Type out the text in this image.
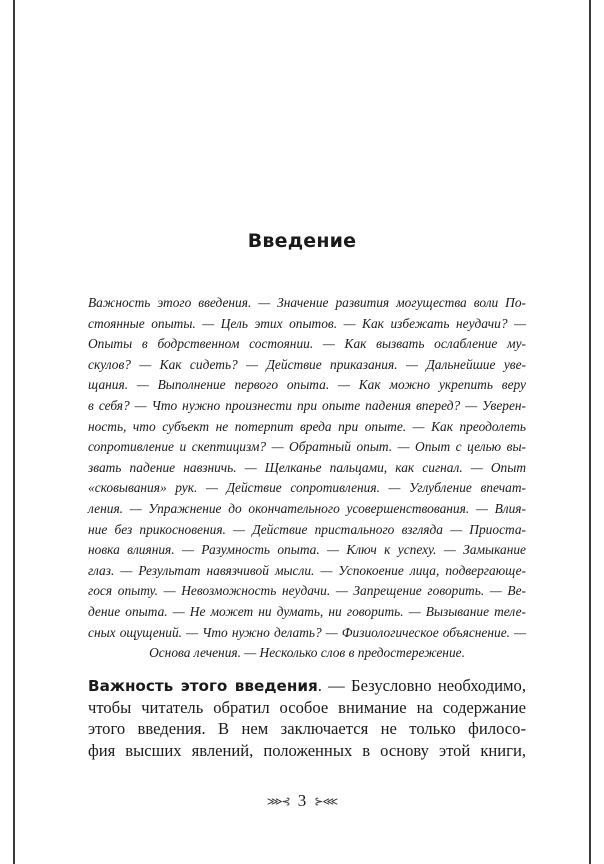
Введение
Важность этого введения. — Значение развития могущества воли По-
стоянные опыты. — Цель этих опытов. — Как избежать неудачи? —
Опыты в бодрственном состоянии. — Как вызвать ослабление му-
скулов? — Как сидеть? — Действие приказания. — Дальнейшие уве-
щания. — Выполнение первого опыта. — Как можно укрепить веру
в себя? — Что нужно произнести при опыте падения вперед? — Уверен-
ность, что субъект не потерпит вреда при опыте. — Как преодолеть
сопротивление и скептицизм? — Обратный опыт. — Опыт с целью вы-
звать падение навзничь. — Щелканье пальцами, как сигнал. — Опыт
«сковывания» рук. — Действие сопротивления. — Углубление впечат-
ления. — Упражнение до окончательного усовершенствования. — Влия-
ние без прикосновения. — Действие пристального взгляда — Приоста-
новка влияния. — Разумность опыта. — Ключ к успеху. — Замыкание
глаз. — Результат навязчивой мысли. — Успокоение лица, подвергающе-
гося опыту. — Невозможность неудачи. — Запрещение говорить. — Ве-
дение опыта. — Не может ни думать, ни говорить. — Вызывание теле-
сных ощущений. — Что нужно делать? — Физиологическое объяснение. —
Основа лечения. — Несколько слов в предостережение.
Важность этого введения. — Безусловно необходимо,
чтобы читатель обратил особое внимание на содержание
этого введения. В нем заключается не только филосо-
фия высших явлений, положенных в основу этой книги,
⋙⊰ 3 ⊱⋘
